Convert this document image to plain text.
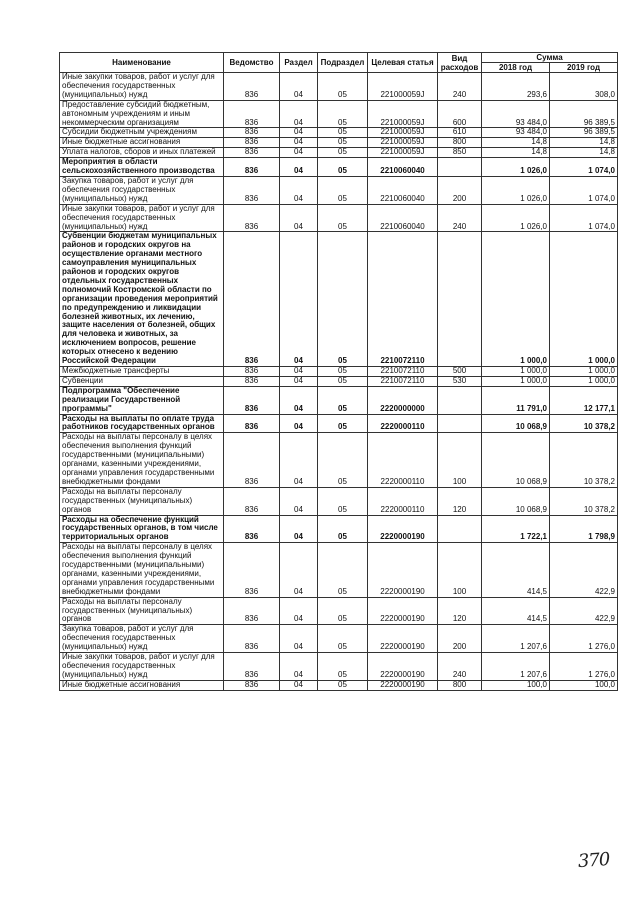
Наименование	Ведомство	Раздел	Подраздел	Целевая статья	Вид расходов	Сумма	
						2018 год	2019 год
Иные закупки товаров, работ и услуг для обеспечения государственных (муниципальных) нужд	836	04	05	221000059J	240	293,6	308,0
Предоставление субсидий бюджетным, автономным учреждениям и иным некоммерческим организациям	836	04	05	221000059J	600	93 484,0	96 389,5
Субсидии бюджетным учреждениям	836	04	05	221000059J	610	93 484,0	96 389,5
Иные бюджетные ассигнования	836	04	05	221000059J	800	14,8	14,8
Уплата налогов, сборов и иных платежей	836	04	05	221000059J	850	14,8	14,8
Мероприятия в области сельскохозяйственного производства	836	04	05	2210060040		1 026,0	1 074,0
Закупка товаров, работ и услуг для обеспечения государственных (муниципальных) нужд	836	04	05	2210060040	200	1 026,0	1 074,0
Иные закупки товаров, работ и услуг для обеспечения государственных (муниципальных) нужд	836	04	05	2210060040	240	1 026,0	1 074,0
Субвенции бюджетам муниципальных районов и городских округов на осуществление органами местного самоуправления муниципальных районов и городских округов отдельных государственных полномочий Костромской области по организации проведения мероприятий по предупреждению и ликвидации болезней животных, их лечению, защите населения от болезней, общих для человека и животных, за исключением вопросов, решение которых отнесено к ведению Российской Федерации	836	04	05	2210072110		1 000,0	1 000,0
Межбюджетные трансферты	836	04	05	2210072110	500	1 000,0	1 000,0
Субвенции	836	04	05	2210072110	530	1 000,0	1 000,0
Подпрограмма "Обеспечение реализации Государственной программы"	836	04	05	2220000000		11 791,0	12 177,1
Расходы на выплаты по оплате труда работников государственных органов	836	04	05	2220000110		10 068,9	10 378,2
Расходы на выплаты персоналу в целях обеспечения выполнения функций государственными (муниципальными) органами, казенными учреждениями, органами управления государственными внебюджетными фондами	836	04	05	2220000110	100	10 068,9	10 378,2
Расходы на выплаты персоналу государственных (муниципальных) органов	836	04	05	2220000110	120	10 068,9	10 378,2
Расходы на обеспечение функций государственных органов, в том числе территориальных органов	836	04	05	2220000190		1 722,1	1 798,9
Расходы на выплаты персоналу в целях обеспечения выполнения функций государственными (муниципальными) органами, казенными учреждениями, органами управления государственными внебюджетными фондами	836	04	05	2220000190	100	414,5	422,9
Расходы на выплаты персоналу государственных (муниципальных) органов	836	04	05	2220000190	120	414,5	422,9
Закупка товаров, работ и услуг для обеспечения государственных (муниципальных) нужд	836	04	05	2220000190	200	1 207,6	1 276,0
Иные закупки товаров, работ и услуг для обеспечения государственных (муниципальных) нужд	836	04	05	2220000190	240	1 207,6	1 276,0
Иные бюджетные ассигнования	836	04	05	2220000190	800	100,0	100,0
370
